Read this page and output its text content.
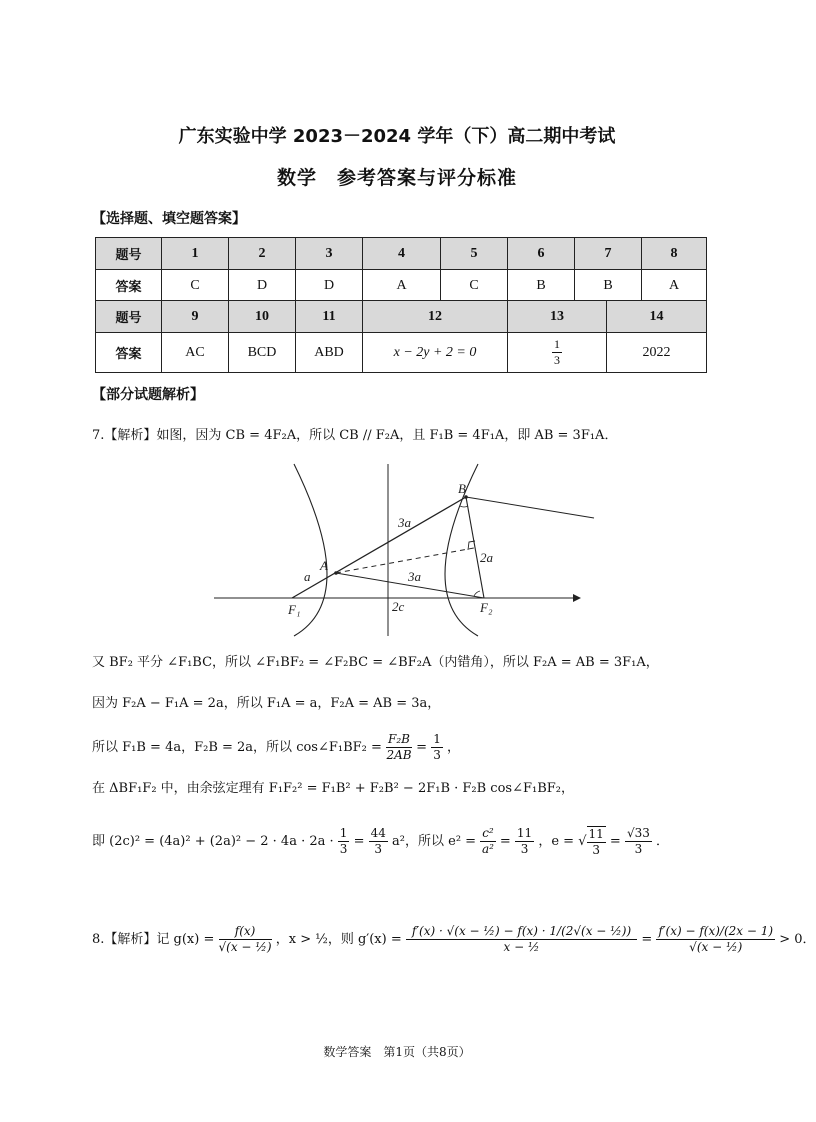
广东实验中学 2023－2024 学年（下）高二期中考试
数学　参考答案与评分标准
【选择题、填空题答案】
题号	1	2	3	4	5	6	7	8
答案	C	D	D	A	C	B	B	A
题号	9	10	11	12	13	14
答案	AC	BCD	ABD	x − 2y + 2 = 0	$\frac{1}{3}$	2022
【部分试题解析】
7.【解析】如图，因为 CB = 4F₂A，所以 CB // F₂A，且 F₁B = 4F₁A，即 AB = 3F₁A．
B
A
F₁	F₂
3a
3a
2a
a
2c
又 BF₂ 平分 ∠F₁BC，所以 ∠F₁BF₂ = ∠F₂BC = ∠BF₂A（内错角），所以 F₂A = AB = 3F₁A，
因为 F₂A − F₁A = 2a，所以 F₁A = a，F₂A = AB = 3a，
所以 F₁B = 4a，F₂B = 2a，所以 cos∠F₁BF₂ = $\frac{\text{F₂B}}{2AB} = \frac{1}{3}$ ，
在 ΔBF₁F₂ 中，由余弦定理有 F₁F₂² = F₁B² + F₂B² − 2F₁B · F₂B cos∠F₁BF₂，
即 $(2c)^2 = (4a)^2 + (2a)^2 - 2 \cdot 4a \cdot 2a \cdot \frac{1}{3} = \frac{44}{3} a^2$，所以 $e^2 = \frac{\text{c²}}{\text{a²}} = \frac{11}{3}$ ，e = √ $\frac{11}{3} = \frac{√33}{3}$ ．
8.【解析】记 $g(x) = \frac{f(x)}{\text{√(x − ½)}}$ ，x > ½，则 $g'(x) = \frac{\text{f′(x) · √(x − ½) − f(x) · 1/(2√(x − ½))}}{\text{x − ½}} = \frac{f'(x) - f(x)/(2x - 1)}{\text{√(x − ½)}} > 0$．
数学答案　第1页（共8页）
